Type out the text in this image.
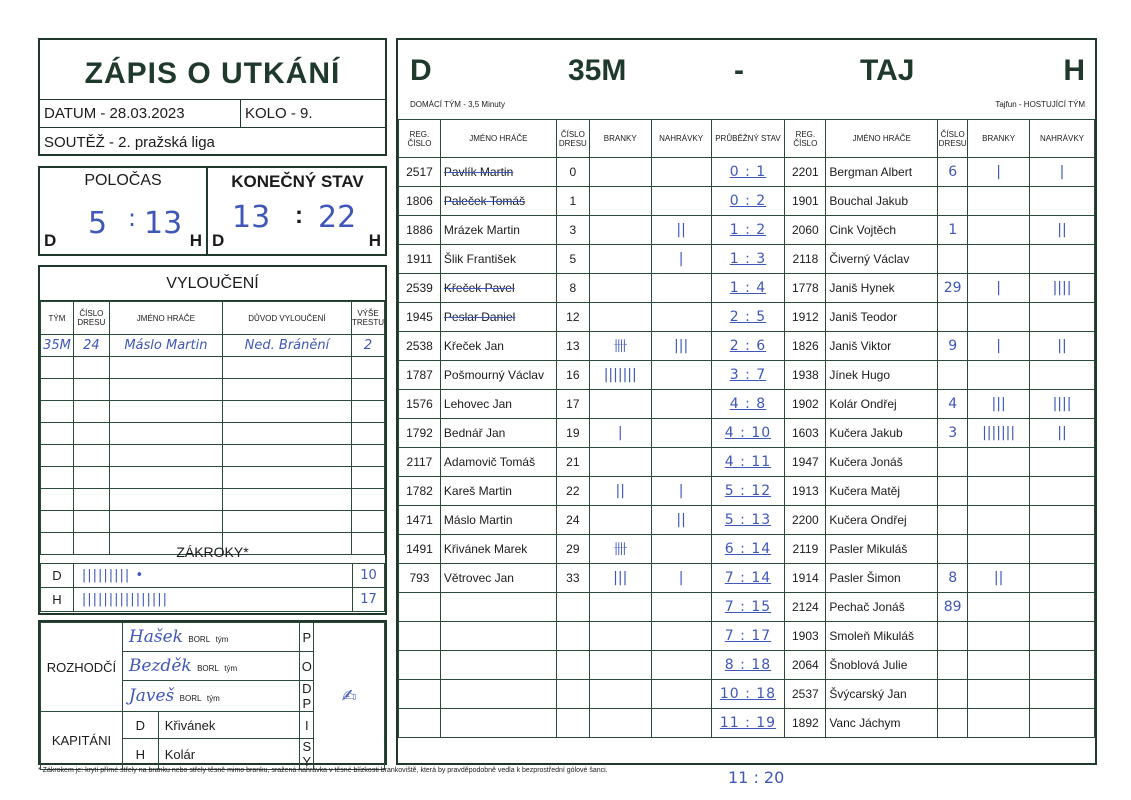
ZÁPIS O UTKÁNÍ
DATUM - 28.03.2023	KOLO - 9.
SOUTĚŽ - 2. pražská liga
POLOČAS
D 5 : 13 H
KONEČNÝ STAV
D
13 : 22
H
VYLOUČENÍ
TÝM	ČÍSLO DRESU	JMÉNO HRÁČE	DŮVOD VYLOUČENÍ	VÝŠE TRESTU
35M	24	Máslo Martin	Ned. Bránění	2

ZÁKROKY*
D	||||||||| •	10
H	||||||||||||||||	17
ROZHODČÍ	Hašek BORL tým		P	✍
	Bezděk BORL tým		O	
	Javeš BORL tým		D
P	
KAPITÁNI	D	Křivánek	I	
	H	Kolár	S
Y	
D	35M	-	TAJ	H
DOMÁCÍ TÝM - 3,5 Minuty	Tajfun - HOSTUJÍCÍ TÝM
REG. ČÍSLO	JMÉNO HRÁČE	ČÍSLO DRESU	BRANKY	NAHRÁVKY	PRŮBĚŽNÝ STAV	REG. ČÍSLO	JMÉNO HRÁČE	ČÍSLO DRESU	BRANKY	NAHRÁVKY
2517	Pavlík Martin	0			0 : 1	2201	Bergman Albert	6	|	|
1806	Paleček Tomáš	1			0 : 2	1901	Bouchal Jakub			
1886	Mrázek Martin	3		||	1 : 2	2060	Cink Vojtěch	1		||
1911	Šlik František	5		|	1 : 3	2118	Čiverný Václav			
2539	Křeček Pavel	8			1 : 4	1778	Janiš Hynek	29	|	||||
1945	Peslar Daniel	12			2 : 5	1912	Janiš Teodor			
2538	Křeček Jan	13	卌	|||	2 : 6	1826	Janiš Viktor	9	|	||
1787	Pošmourný Václav	16	|||||||		3 : 7	1938	Jínek Hugo			
1576	Lehovec Jan	17			4 : 8	1902	Kolár Ondřej	4	|||	||||
1792	Bednář Jan	19	|		4 : 10	1603	Kučera Jakub	3	|||||||	||
2117	Adamovič Tomáš	21			4 : 11	1947	Kučera Jonáš			
1782	Kareš Martin	22	||	|	5 : 12	1913	Kučera Matěj			
1471	Máslo Martin	24		||	5 : 13	2200	Kučera Ondřej			
1491	Křivánek Marek	29	卌		6 : 14	2119	Pasler Mikuláš			
793	Větrovec Jan	33	|||	|	7 : 14	1914	Pasler Šimon	8	||	
					7 : 15	2124	Pechač Jonáš	89		
					7 : 17	1903	Smoleň Mikuláš			
					8 : 18	2064	Šnoblová Julie			
					10 : 18	2537	Švýcarský Jan			
					11 : 19	1892	Vanc Jáchym			
* Zákrokem je: krytí přímé střely na branku nebo střely těsně mimo branku, sražená nahrávka v těsné blízkosti brankoviště, která by pravděpodobně vedla k bezprostřední gólové šanci.	11 : 20
